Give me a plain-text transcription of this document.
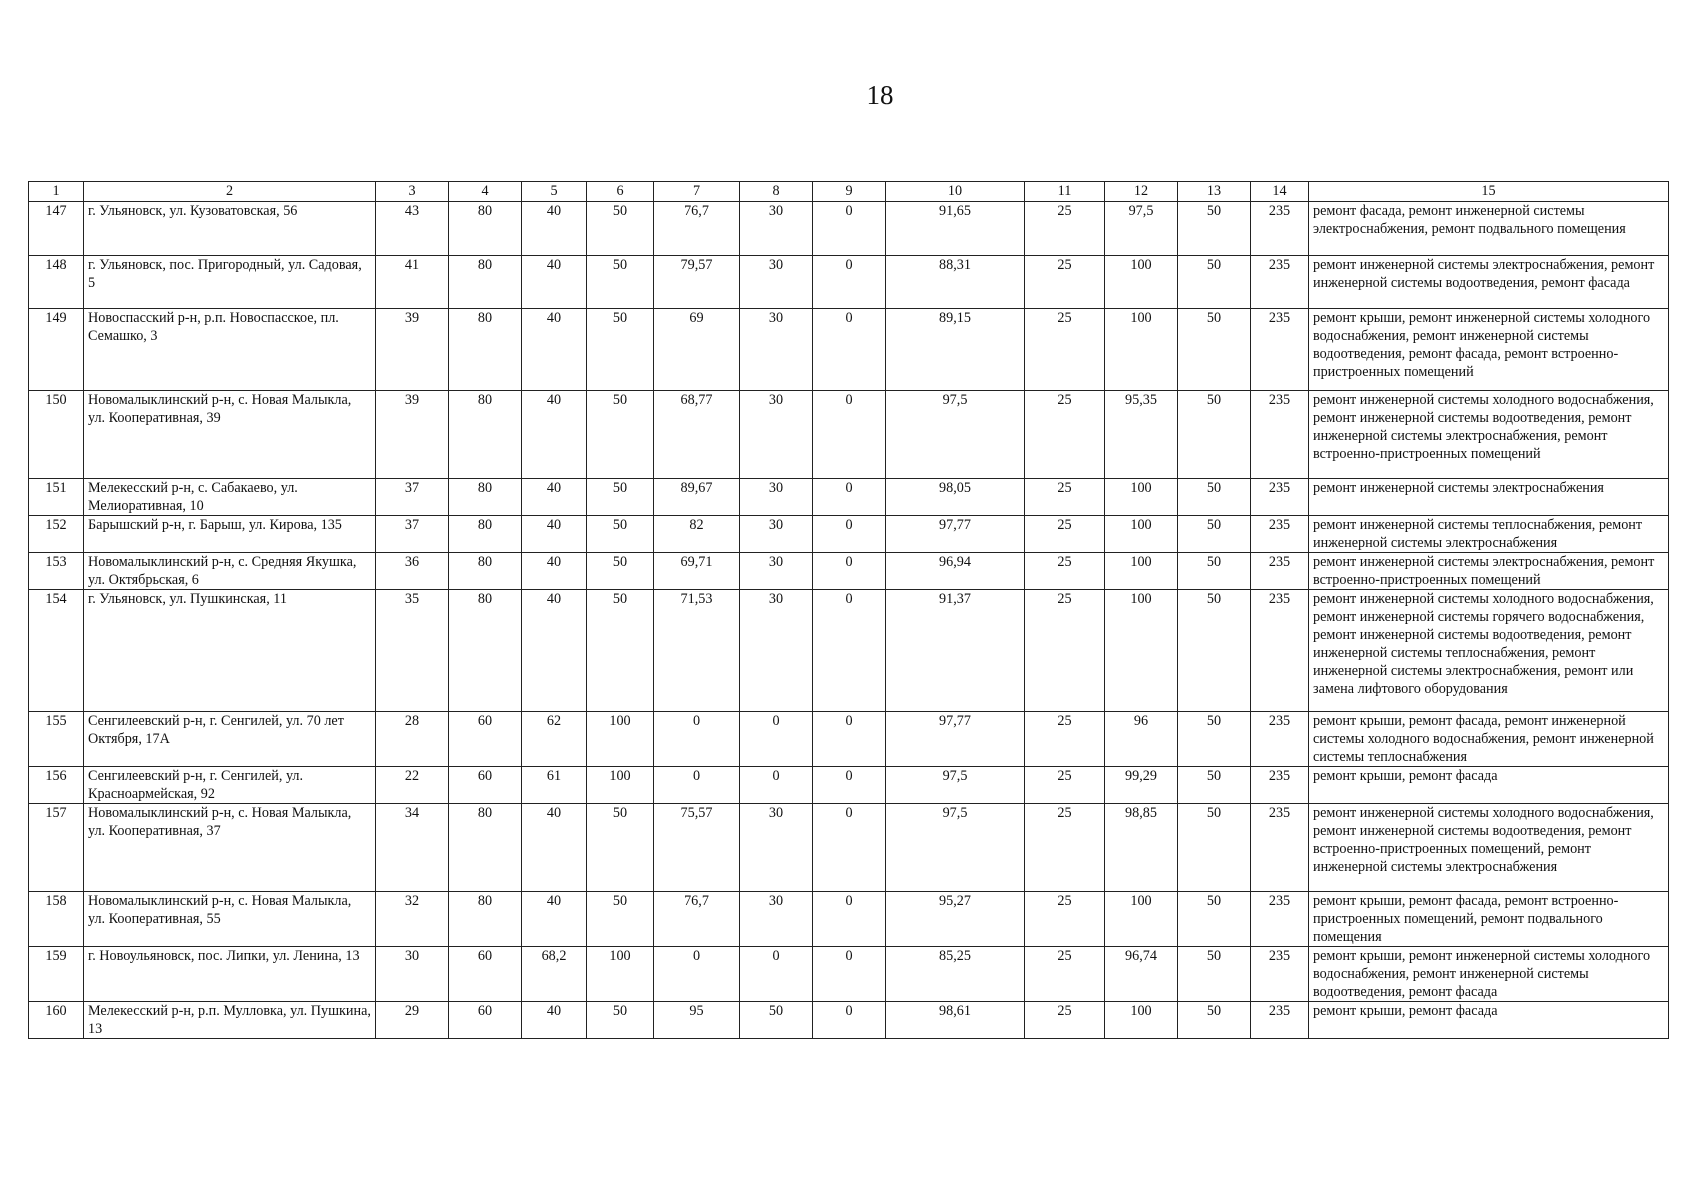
18
1	2	3	4	5	6	7	8	9	10	11	12	13	14	15
147	г. Ульяновск, ул. Кузоватовская, 56	43	80	40	50	76,7	30	0	91,65	25	97,5	50	235	ремонт фасада, ремонт инженерной системы электроснабжения, ремонт подвального помещения
148	г. Ульяновск, пос. Пригородный, ул. Садовая, 5	41	80	40	50	79,57	30	0	88,31	25	100	50	235	ремонт инженерной системы электроснабжения, ремонт инженерной системы водоотведения, ремонт фасада
149	Новоспасский р-н, р.п. Новоспасское, пл. Семашко, 3	39	80	40	50	69	30	0	89,15	25	100	50	235	ремонт крыши, ремонт инженерной системы холодного водоснабжения, ремонт инженерной системы водоотведения, ремонт фасада, ремонт встроенно-пристроенных помещений
150	Новомалыклинский р-н, с. Новая Малыкла, ул. Кооперативная, 39	39	80	40	50	68,77	30	0	97,5	25	95,35	50	235	ремонт инженерной системы холодного водоснабжения, ремонт инженерной системы водоотведения, ремонт инженерной системы электроснабжения, ремонт встроенно-пристроенных помещений
151	Мелекесский р-н, с. Сабакаево, ул. Мелиоративная, 10	37	80	40	50	89,67	30	0	98,05	25	100	50	235	ремонт инженерной системы электроснабжения
152	Барышский р-н, г. Барыш, ул. Кирова, 135	37	80	40	50	82	30	0	97,77	25	100	50	235	ремонт инженерной системы теплоснабжения, ремонт инженерной системы электроснабжения
153	Новомалыклинский р-н, с. Средняя Якушка, ул. Октябрьская, 6	36	80	40	50	69,71	30	0	96,94	25	100	50	235	ремонт инженерной системы электроснабжения, ремонт встроенно-пристроенных помещений
154	г. Ульяновск, ул. Пушкинская, 11	35	80	40	50	71,53	30	0	91,37	25	100	50	235	ремонт инженерной системы холодного водоснабжения, ремонт инженерной системы горячего водоснабжения, ремонт инженерной системы водоотведения, ремонт инженерной системы теплоснабжения, ремонт инженерной системы электроснабжения, ремонт или замена лифтового оборудования
155	Сенгилеевский р-н, г. Сенгилей, ул. 70 лет Октября, 17А	28	60	62	100	0	0	0	97,77	25	96	50	235	ремонт крыши, ремонт фасада, ремонт инженерной системы холодного водоснабжения, ремонт инженерной системы теплоснабжения
156	Сенгилеевский р-н, г. Сенгилей, ул. Красноармейская, 92	22	60	61	100	0	0	0	97,5	25	99,29	50	235	ремонт крыши, ремонт фасада
157	Новомалыклинский р-н, с. Новая Малыкла, ул. Кооперативная, 37	34	80	40	50	75,57	30	0	97,5	25	98,85	50	235	ремонт инженерной системы холодного водоснабжения, ремонт инженерной системы водоотведения, ремонт встроенно-пристроенных помещений, ремонт инженерной системы электроснабжения
158	Новомалыклинский р-н, с. Новая Малыкла, ул. Кооперативная, 55	32	80	40	50	76,7	30	0	95,27	25	100	50	235	ремонт крыши, ремонт фасада, ремонт встроенно-пристроенных помещений, ремонт подвального помещения
159	г. Новоульяновск, пос. Липки, ул. Ленина, 13	30	60	68,2	100	0	0	0	85,25	25	96,74	50	235	ремонт крыши, ремонт инженерной системы холодного водоснабжения, ремонт инженерной системы водоотведения, ремонт фасада
160	Мелекесский р-н, р.п. Мулловка, ул. Пушкина, 13	29	60	40	50	95	50	0	98,61	25	100	50	235	ремонт крыши, ремонт фасада
